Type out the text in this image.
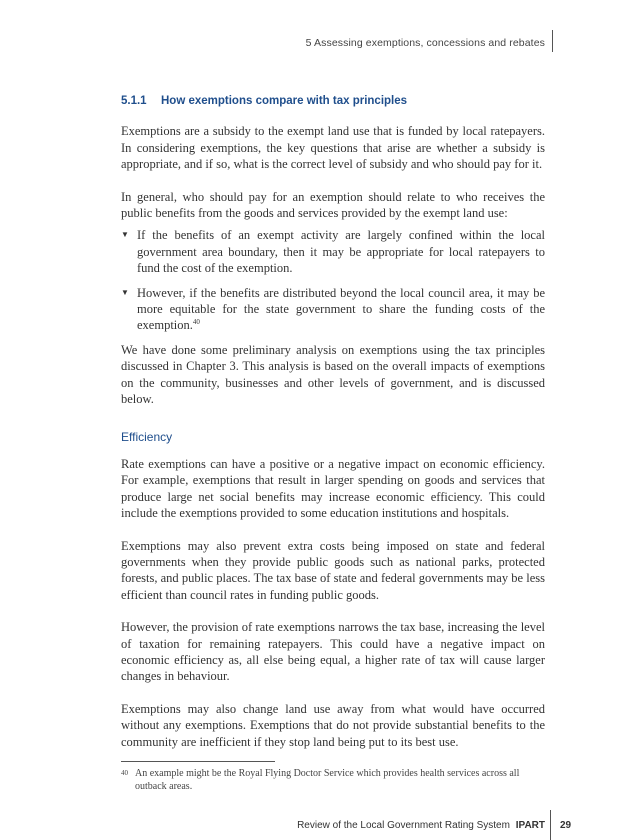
5 Assessing exemptions, concessions and rebates
5.1.1 How exemptions compare with tax principles

Exemptions are a subsidy to the exempt land use that is funded by local ratepayers. In considering exemptions, the key questions that arise are whether a subsidy is appropriate, and if so, what is the correct level of subsidy and who should pay for it.

In general, who should pay for an exemption should relate to who receives the public benefits from the goods and services provided by the exempt land use:

▼ If the benefits of an exempt activity are largely confined within the local government area boundary, then it may be appropriate for local ratepayers to fund the cost of the exemption.
▼ However, if the benefits are distributed beyond the local council area, it may be more equitable for the state government to share the funding costs of the exemption.$^{40}$

We have done some preliminary analysis on exemptions using the tax principles discussed in Chapter 3. This analysis is based on the overall impacts of exemptions on the community, businesses and other levels of government, and is discussed below.

Efficiency

Rate exemptions can have a positive or a negative impact on economic efficiency. For example, exemptions that result in larger spending on goods and services that produce large net social benefits may increase economic efficiency. This could include the exemptions provided to some education institutions and hospitals.

Exemptions may also prevent extra costs being imposed on state and federal governments when they provide public goods such as national parks, protected forests, and public places. The tax base of state and federal governments may be less efficient than council rates in funding public goods.

However, the provision of rate exemptions narrows the tax base, increasing the level of taxation for remaining ratepayers. This could have a negative impact on economic efficiency as, all else being equal, a higher rate of tax will cause larger changes in behaviour.

Exemptions may also change land use away from what would have occurred without any exemptions. Exemptions that do not provide substantial benefits to the community are inefficient if they stop land being put to its best use.

40 An example might be the Royal Flying Doctor Service which provides health services across all outback areas.
Review of the Local Government Rating System IPART 29
